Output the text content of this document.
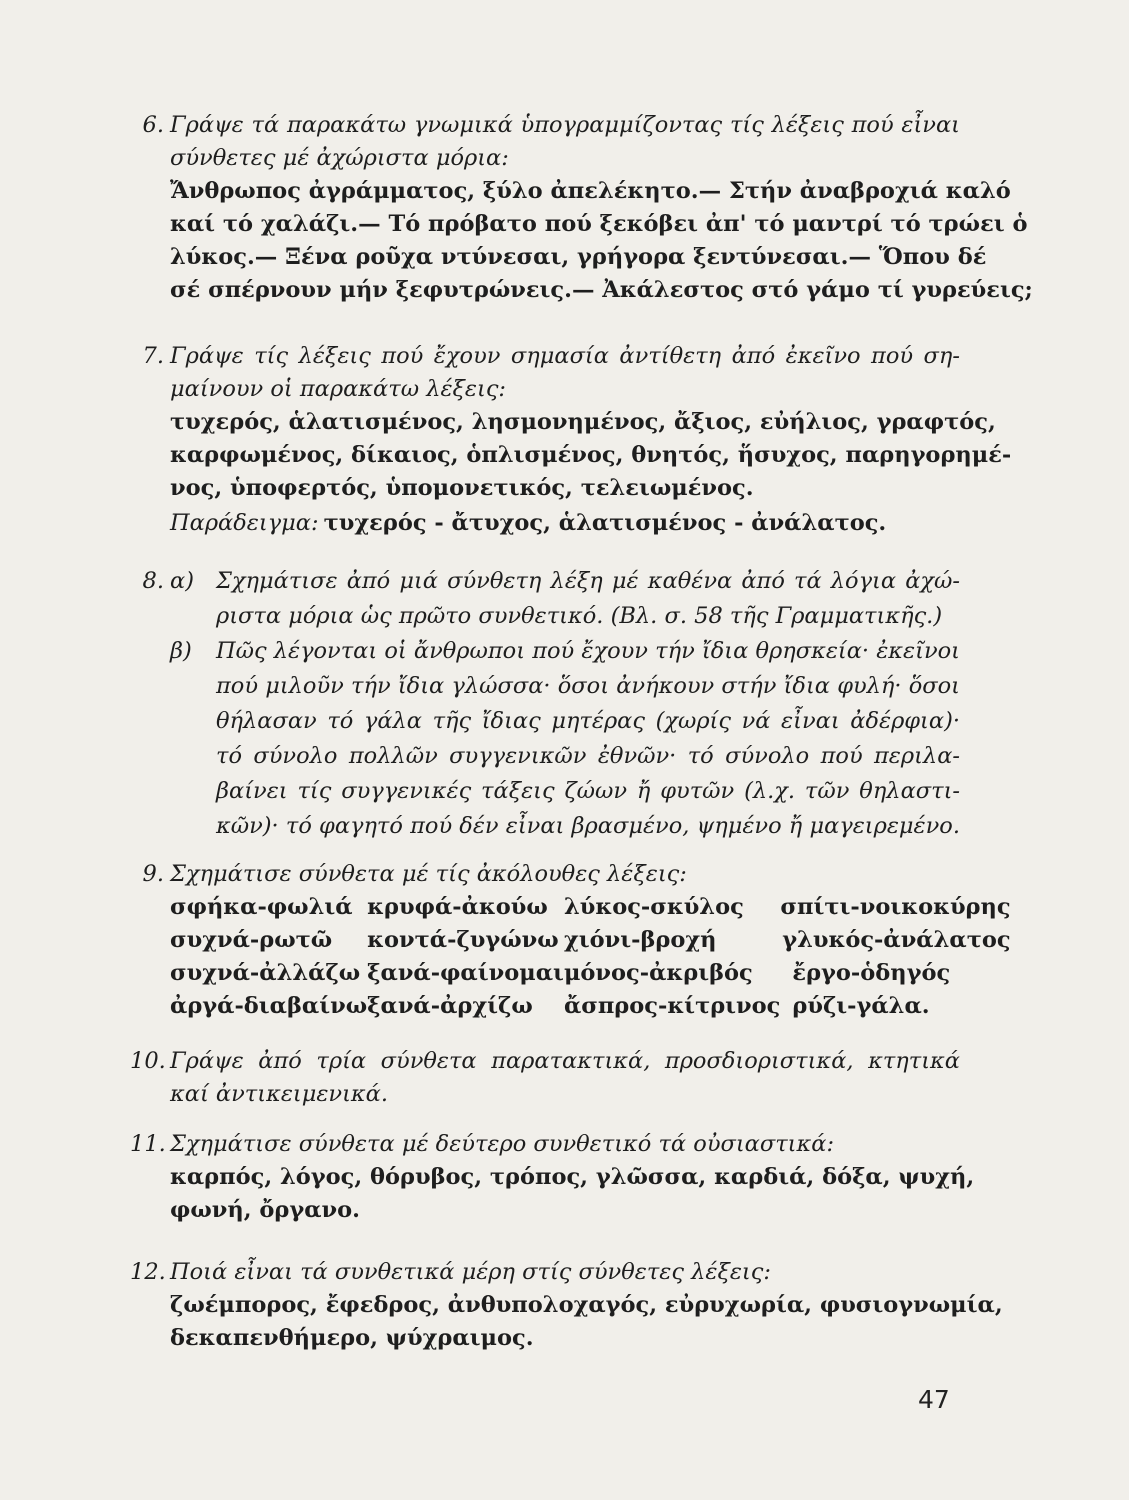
6. Γράψε τά παρακάτω γνωμικά ὑπογραμμίζοντας τίς λέξεις πού εἶναι
σύνθετες μέ ἀχώριστα μόρια:
Ἄνθρωπος ἀγράμματος, ξύλο ἀπελέκητο.— Στήν ἀναβροχιά καλό
καί τό χαλάζι.— Τό πρόβατο πού ξεκόβει ἀπ' τό μαντρί τό τρώει ὁ
λύκος.— Ξένα ροῦχα ντύνεσαι, γρήγορα ξεντύνεσαι.— Ὅπου δέ
σέ σπέρνουν μήν ξεφυτρώνεις.— Ἀκάλεστος στό γάμο τί γυρεύεις;
7. Γράψε τίς λέξεις πού ἔχουν σημασία ἀντίθετη ἀπό ἐκεῖνο πού ση-
μαίνουν οἱ παρακάτω λέξεις:
τυχερός, ἁλατισμένος, λησμονημένος, ἄξιος, εὐήλιος, γραφτός,
καρφωμένος, δίκαιος, ὁπλισμένος, θνητός, ἥσυχος, παρηγορημέ-
νος, ὑποφερτός, ὑπομονετικός, τελειωμένος.
Παράδειγμα: τυχερός - ἄτυχος, ἁλατισμένος - ἀνάλατος.
8. α) Σχημάτισε ἀπό μιά σύνθετη λέξη μέ καθένα ἀπό τά λόγια ἀχώ-
ριστα μόρια ὡς πρῶτο συνθετικό. (Βλ. σ. 58 τῆς Γραμματικῆς.)
β)	Πῶς λέγονται οἱ ἄνθρωποι πού ἔχουν τήν ἴδια θρησκεία· ἐκεῖνοι
πού μιλοῦν τήν ἴδια γλώσσα· ὅσοι ἀνήκουν στήν ἴδια φυλή· ὅσοι
θήλασαν τό γάλα τῆς ἴδιας μητέρας (χωρίς νά εἶναι ἀδέρφια)·
τό σύνολο πολλῶν συγγενικῶν ἐθνῶν· τό σύνολο πού περιλα-
βαίνει τίς συγγενικές τάξεις ζώων ἤ φυτῶν (λ.χ. τῶν θηλαστι-
κῶν)· τό φαγητό πού δέν εἶναι βρασμένο, ψημένο ἤ μαγειρεμένο.
9. Σχημάτισε σύνθετα μέ τίς ἀκόλουθες λέξεις:
σφήκα-φωλιά	κρυφά-ἀκούω	λύκος-σκύλος	σπίτι-νοικοκύρης
συχνά-ρωτῶ	κοντά-ζυγώνω	χιόνι-βροχή	γλυκός-ἀνάλατος
συχνά-ἀλλάζω	ξανά-φαίνομαι	μόνος-ἀκριβός	ἔργο-ὁδηγός
ἀργά-διαβαίνω	ξανά-ἀρχίζω	ἄσπρος-κίτρινος	ρύζι-γάλα.
10. Γράψε ἀπό τρία σύνθετα παρατακτικά, προσδιοριστικά, κτητικά
καί ἀντικειμενικά.
11. Σχημάτισε σύνθετα μέ δεύτερο συνθετικό τά οὐσιαστικά:
καρπός, λόγος, θόρυβος, τρόπος, γλῶσσα, καρδιά, δόξα, ψυχή,
φωνή, ὄργανο.
12. Ποιά εἶναι τά συνθετικά μέρη στίς σύνθετες λέξεις:
ζωέμπορος, ἔφεδρος, ἀνθυπολοχαγός, εὐρυχωρία, φυσιογνωμία,
δεκαπενθήμερο, ψύχραιμος.
47
